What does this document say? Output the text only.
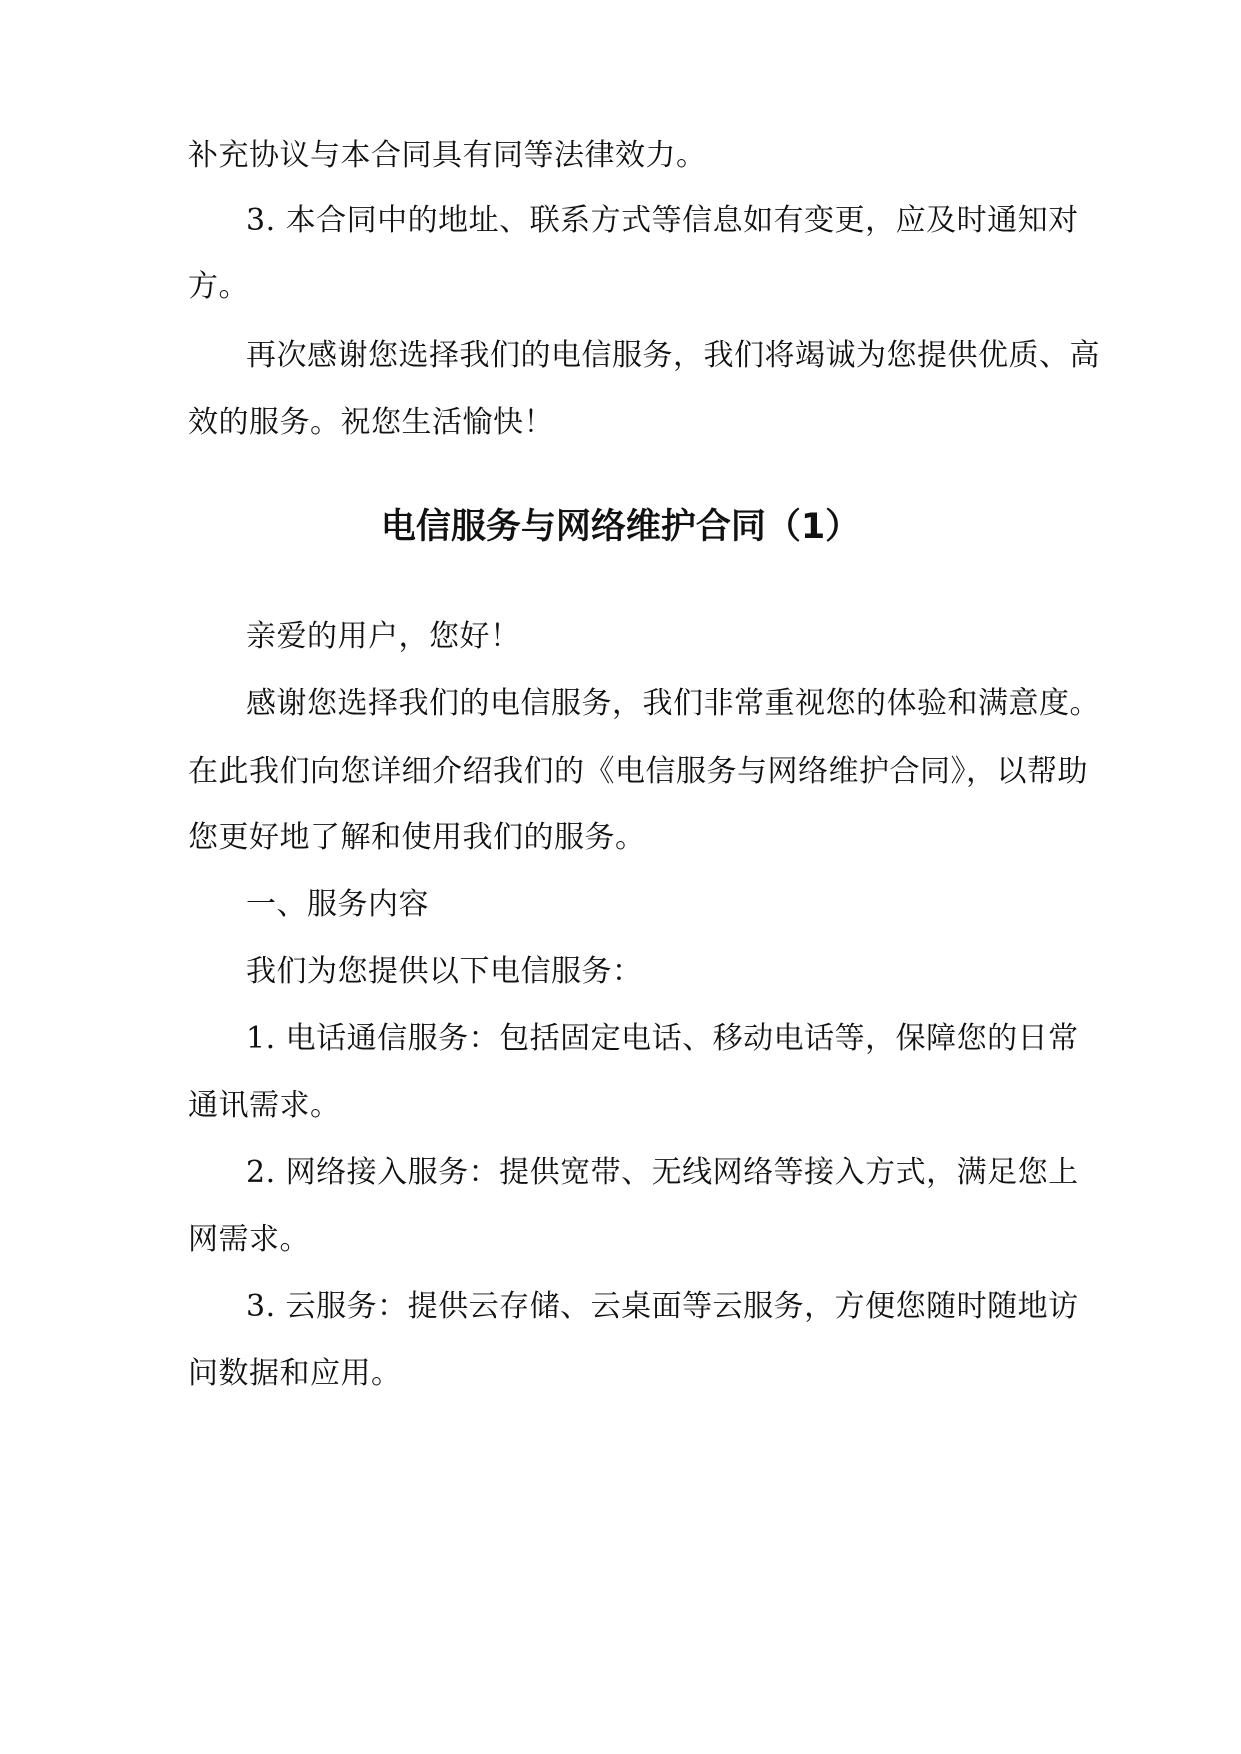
补充协议与本合同具有同等法律效力。
3. 本合同中的地址、联系方式等信息如有变更，应及时通知对
方。
再次感谢您选择我们的电信服务，我们将竭诚为您提供优质、高
效的服务。祝您生活愉快！
电信服务与网络维护合同（1）
亲爱的用户，您好！
感谢您选择我们的电信服务，我们非常重视您的体验和满意度。
在此我们向您详细介绍我们的《电信服务与网络维护合同》，以帮助
您更好地了解和使用我们的服务。
一、服务内容
我们为您提供以下电信服务：
1. 电话通信服务：包括固定电话、移动电话等，保障您的日常
通讯需求。
2. 网络接入服务：提供宽带、无线网络等接入方式，满足您上
网需求。
3. 云服务：提供云存储、云桌面等云服务，方便您随时随地访
问数据和应用。
